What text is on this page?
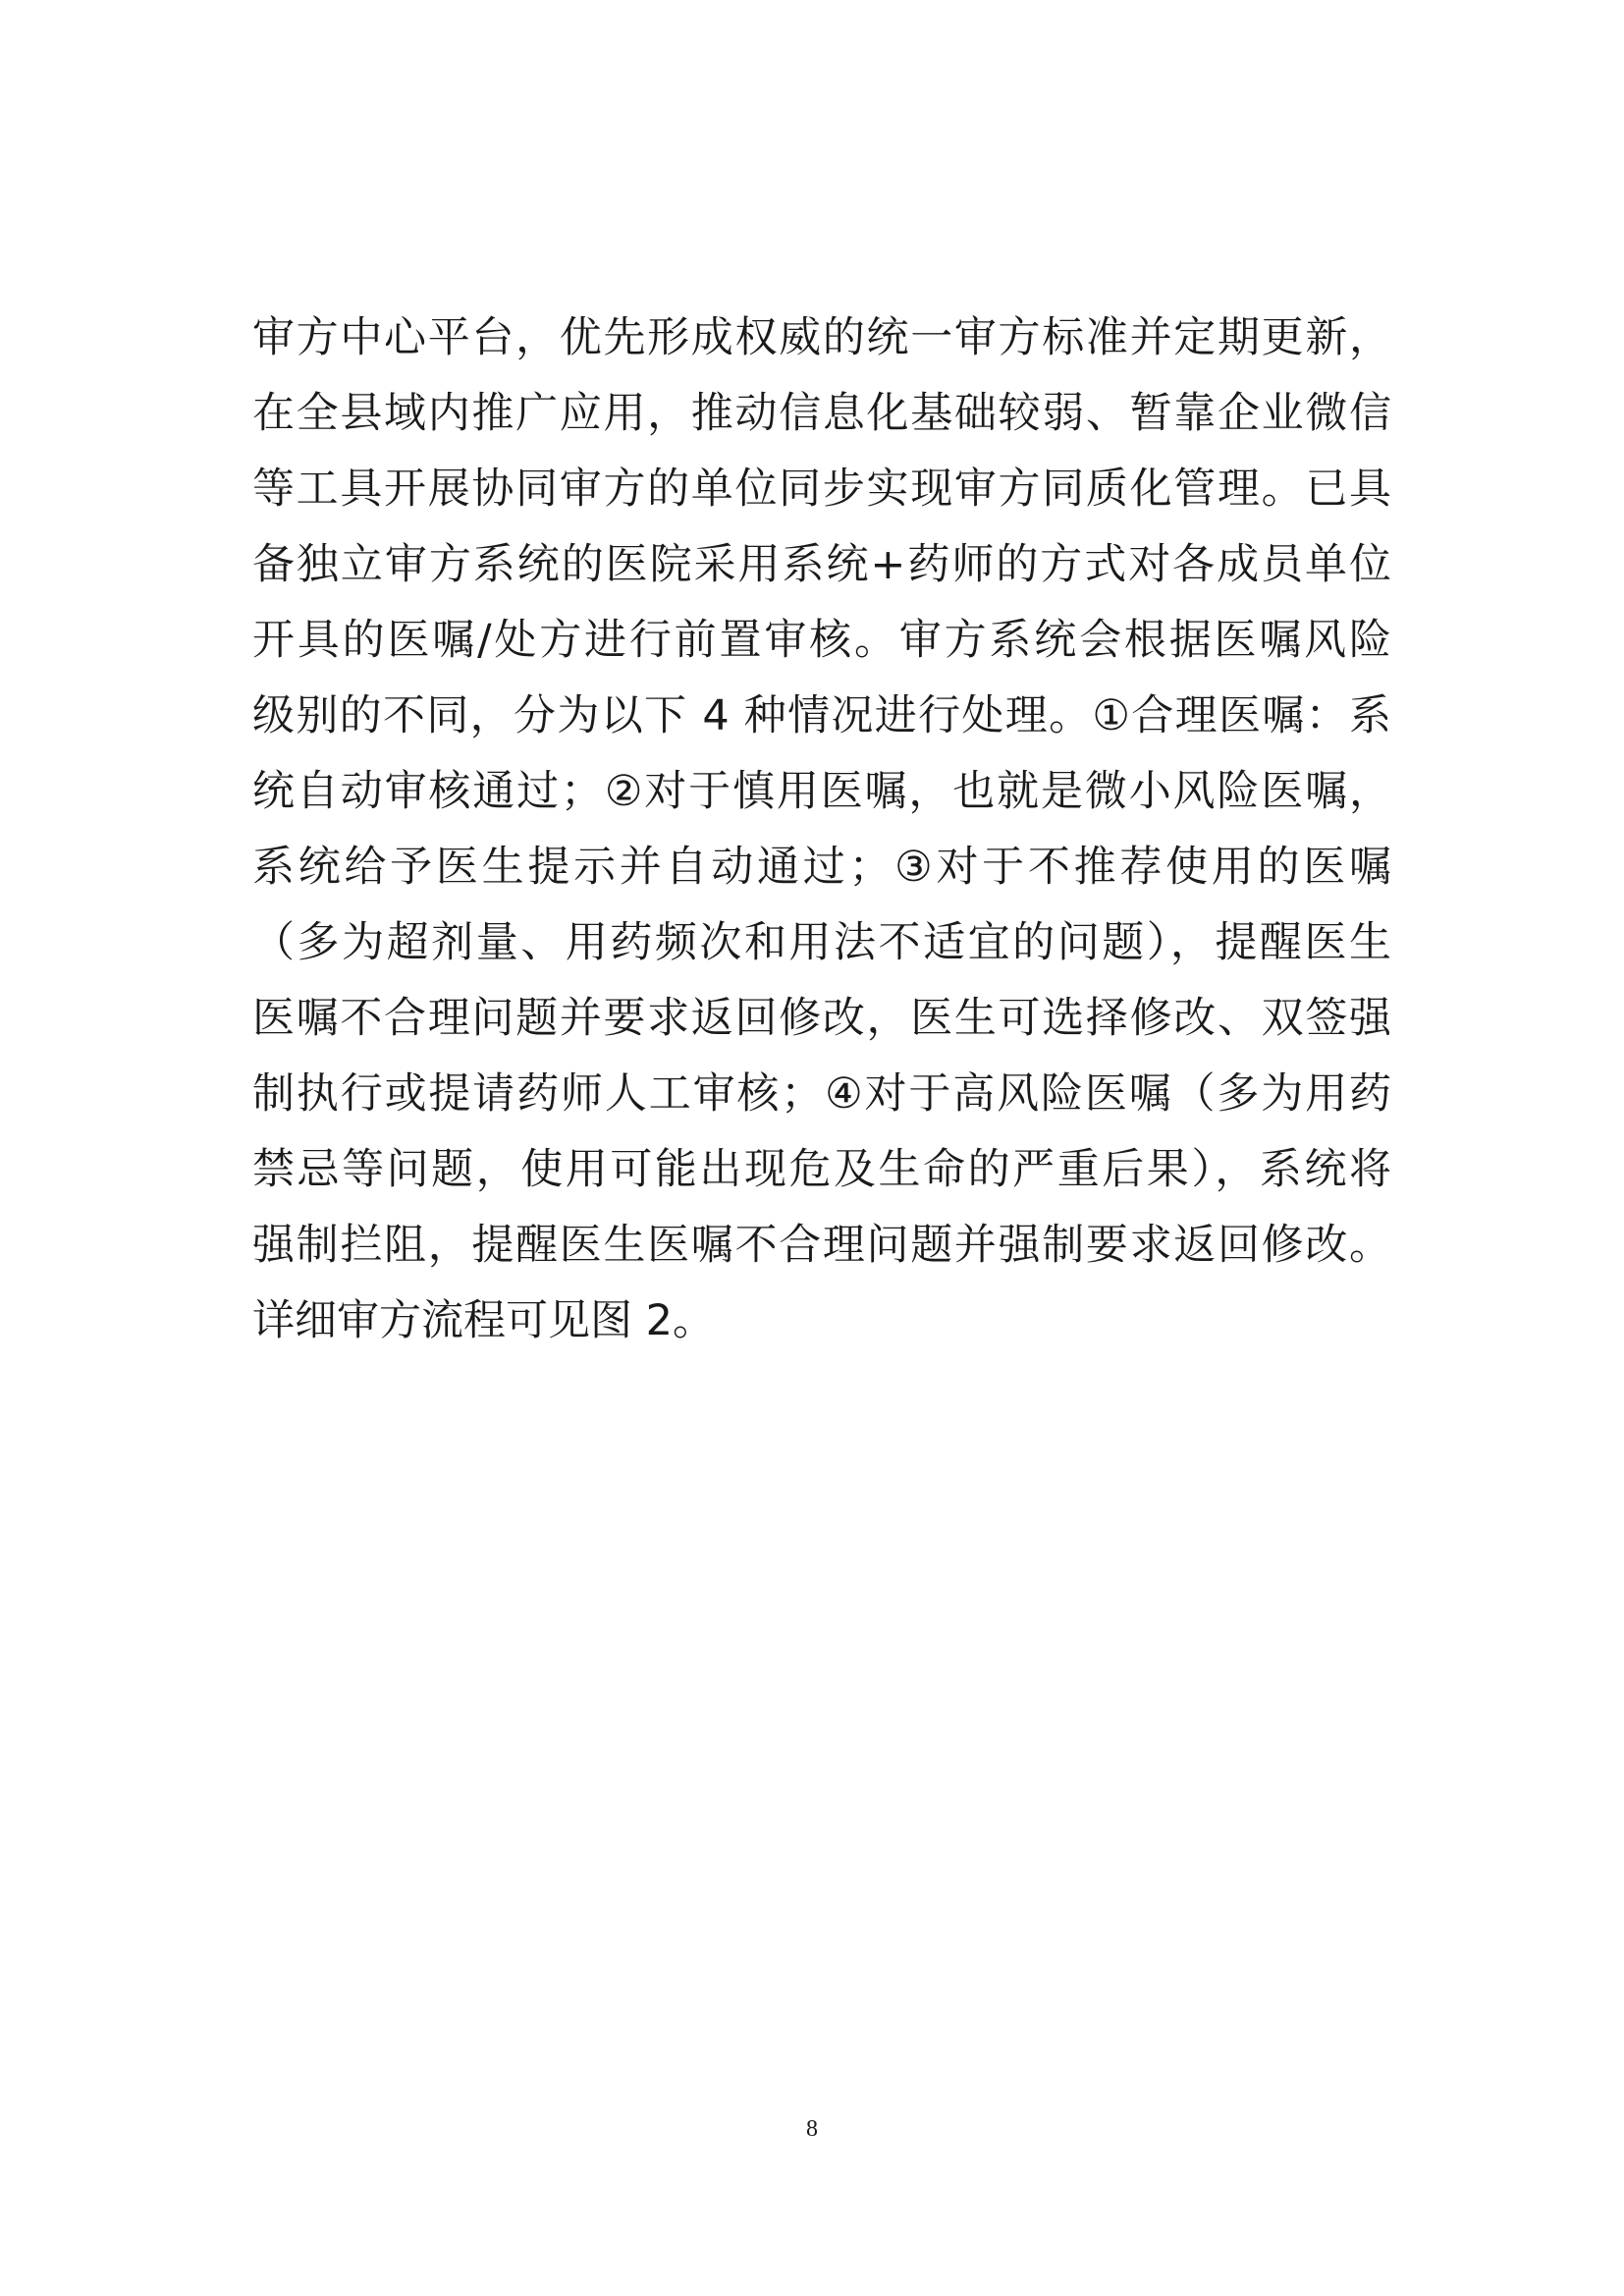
审方中心平台，优先形成权威的统一审方标准并定期更新，
在全县域内推广应用，推动信息化基础较弱、暂靠企业微信
等工具开展协同审方的单位同步实现审方同质化管理。已具
备独立审方系统的医院采用系统+药师的方式对各成员单位
开具的医嘱/处方进行前置审核。审方系统会根据医嘱风险
级别的不同，分为以下 4 种情况进行处理。①合理医嘱：系
统自动审核通过；②对于慎用医嘱，也就是微小风险医嘱，
系统给予医生提示并自动通过；③对于不推荐使用的医嘱
（多为超剂量、用药频次和用法不适宜的问题），提醒医生
医嘱不合理问题并要求返回修改，医生可选择修改、双签强
制执行或提请药师人工审核；④对于高风险医嘱（多为用药
禁忌等问题，使用可能出现危及生命的严重后果），系统将
强制拦阻，提醒医生医嘱不合理问题并强制要求返回修改。
详细审方流程可见图 2。
8
